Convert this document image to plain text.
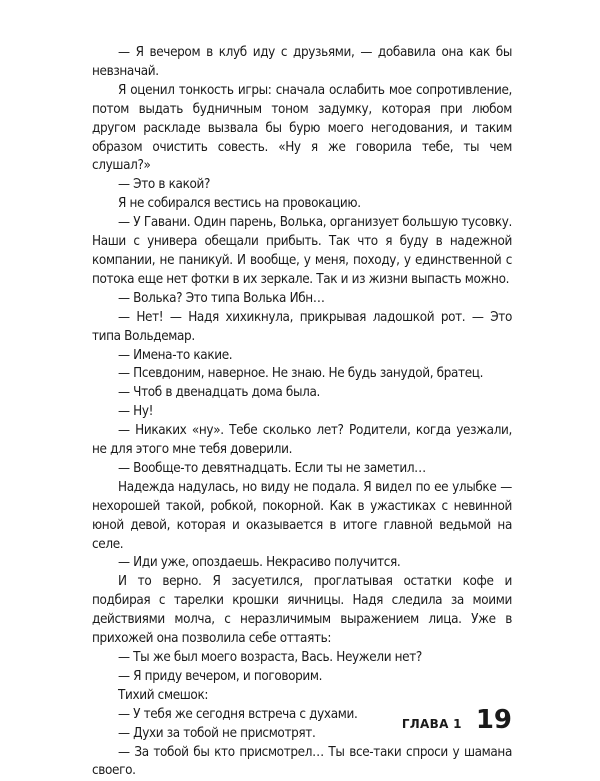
— Я вечером в клуб иду с друзьями, — добавила она как бы невзначай.

Я оценил тонкость игры: сначала ослабить мое сопротивление, потом выдать будничным тоном задумку, которая при любом другом раскладе вызвала бы бурю моего негодования, и таким образом очистить совесть. «Ну я же говорила тебе, ты чем слушал?»

— Это в какой?

Я не собирался вестись на провокацию.

— У Гавани. Один парень, Волька, организует большую тусовку. Наши с универа обещали прибыть. Так что я буду в надежной компании, не паникуй. И вообще, у меня, походу, у единственной с потока еще нет фотки в их зеркале. Так и из жизни выпасть можно.

— Волька? Это типа Волька Ибн…

— Нет! — Надя хихикнула, прикрывая ладошкой рот. — Это типа Вольдемар.

— Имена-то какие.

— Псевдоним, наверное. Не знаю. Не будь занудой, братец.

— Чтоб в двенадцать дома была.

— Ну!

— Никаких «ну». Тебе сколько лет? Родители, когда уезжали, не для этого мне тебя доверили.

— Вообще-то девятнадцать. Если ты не заметил…

Надежда надулась, но виду не подала. Я видел по ее улыбке — нехорошей такой, робкой, покорной. Как в ужастиках с невинной юной девой, которая и оказывается в итоге главной ведьмой на селе.

— Иди уже, опоздаешь. Некрасиво получится.

И то верно. Я засуетился, проглатывая остатки кофе и подбирая с тарелки крошки яичницы. Надя следила за моими действиями молча, с неразличимым выражением лица. Уже в прихожей она позволила себе оттаять:

— Ты же был моего возраста, Вась. Неужели нет?

— Я приду вечером, и поговорим.

Тихий смешок:

— У тебя же сегодня встреча с духами.

— Духи за тобой не присмотрят.

— За тобой бы кто присмотрел… Ты все-таки спроси у шамана своего.

ГЛАВА 1 19
